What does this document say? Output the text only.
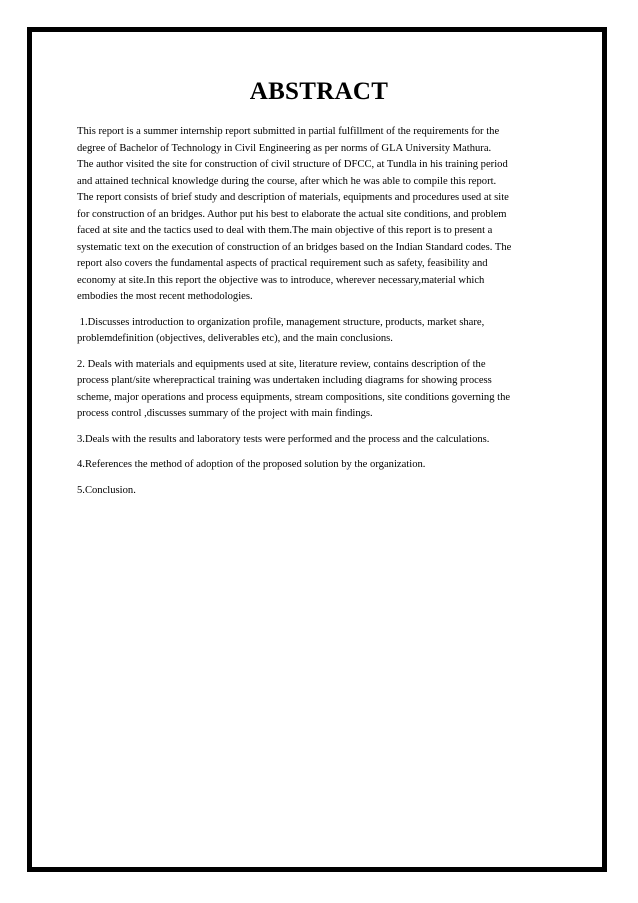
ABSTRACT
This report is a summer internship report submitted in partial fulfillment of the requirements for the
degree of Bachelor of Technology in Civil Engineering as per norms of GLA University Mathura.
The author visited the site for construction of civil structure of DFCC, at Tundla in his training period
and attained technical knowledge during the course, after which he was able to compile this report.
The report consists of brief study and description of materials, equipments and procedures used at site
for construction of an bridges. Author put his best to elaborate the actual site conditions, and problem
faced at site and the tactics used to deal with them.The main objective of this report is to present a
systematic text on the execution of construction of an bridges based on the Indian Standard codes. The
report also covers the fundamental aspects of practical requirement such as safety, feasibility and
economy at site.In this report the objective was to introduce, wherever necessary,material which
embodies the most recent methodologies.
1.Discusses introduction to organization profile, management structure, products, market share,
problemdefinition (objectives, deliverables etc), and the main conclusions.
2. Deals with materials and equipments used at site, literature review, contains description of the
process plant/site wherepractical training was undertaken including diagrams for showing process
scheme, major operations and process equipments, stream compositions, site conditions governing the
process control ,discusses summary of the project with main findings.
3.Deals with the results and laboratory tests were performed and the process and the calculations.
4.References the method of adoption of the proposed solution by the organization.
5.Conclusion.
